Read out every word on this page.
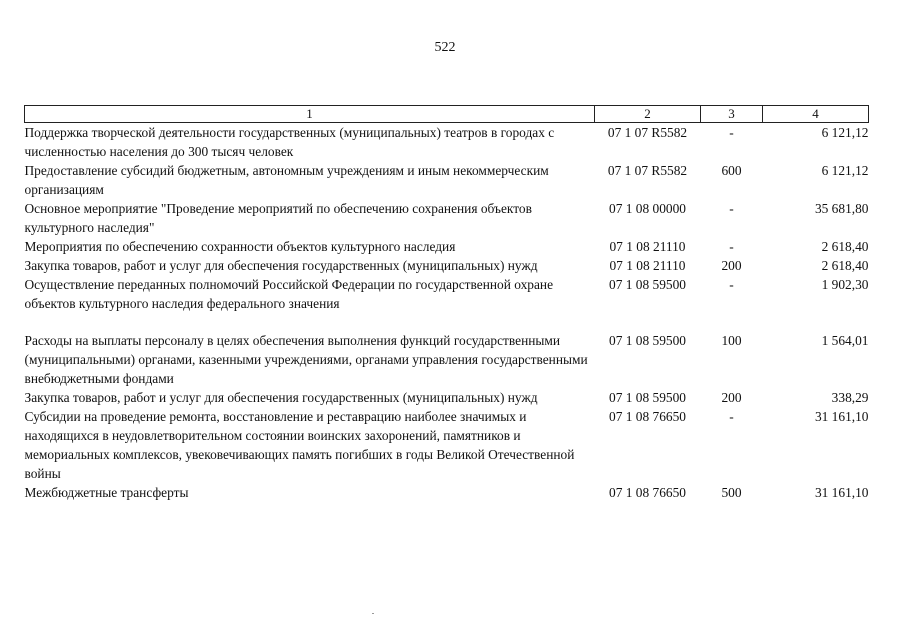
522
1	2	3	4
Поддержка творческой деятельности государственных (муниципальных) театров в городах с численностью населения до 300 тысяч человек	07 1 07 R5582	-	6 121,12
Предоставление субсидий бюджетным, автономным учреждениям и иным некоммерческим организациям	07 1 07 R5582	600	6 121,12
Основное мероприятие "Проведение мероприятий по обеспечению сохранения объектов культурного наследия"	07 1 08 00000	-	35 681,80
Мероприятия по обеспечению сохранности объектов культурного наследия	07 1 08 21110	-	2 618,40
Закупка товаров, работ и услуг для обеспечения государственных (муниципальных) нужд	07 1 08 21110	200	2 618,40
Осуществление переданных полномочий Российской Федерации по государственной охране объектов культурного наследия федерального значения	07 1 08 59500	-	1 902,30
Расходы на выплаты персоналу в целях обеспечения выполнения функций государственными (муниципальными) органами, казенными учреждениями, органами управления государственными внебюджетными фондами	07 1 08 59500	100	1 564,01
Закупка товаров, работ и услуг для обеспечения государственных (муниципальных) нужд	07 1 08 59500	200	338,29
Субсидии на проведение ремонта, восстановление и реставрацию наиболее значимых и находящихся в неудовлетворительном состоянии воинских захоронений, памятников и мемориальных комплексов, увековечивающих память погибших в годы Великой Отечественной войны	07 1 08 76650	-	31 161,10
Межбюджетные трансферты	07 1 08 76650	500	31 161,10
